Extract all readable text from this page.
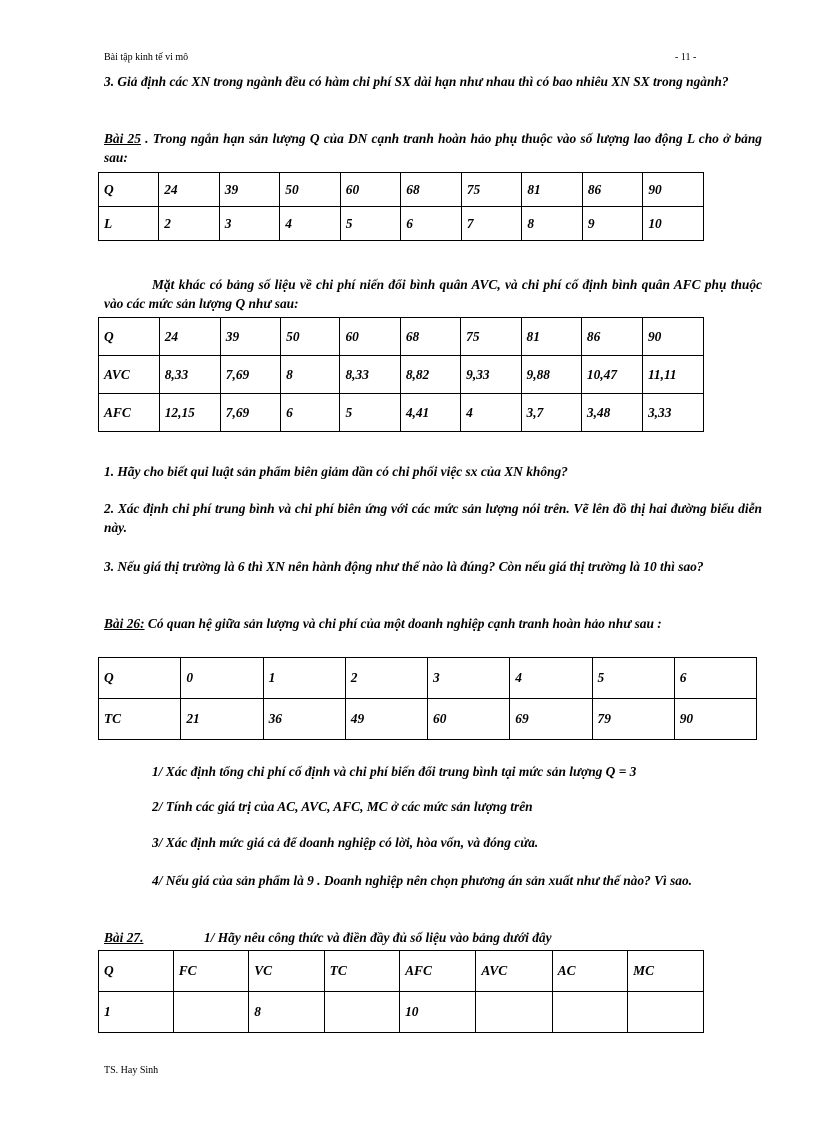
Bài tập kinh tế vi mô	- 11 -
3. Giả định các XN trong ngành đều có hàm chi phí SX dài hạn như nhau thì có bao nhiêu XN SX trong ngành?
Bài 25 . Trong ngắn hạn sản lượng Q của DN cạnh tranh hoàn hảo phụ thuộc vào số lượng lao động L cho ở bảng sau:
Q	24	39	50	60	68	75	81	86	90
L	2	3	4	5	6	7	8	9	10
Mặt khác có bảng số liệu về chi phí niến đổi bình quân AVC, và chi phí cố định bình quân AFC phụ thuộc vào các mức sản lượng Q như sau:
Q	24	39	50	60	68	75	81	86	90
AVC	8,33	7,69	8	8,33	8,82	9,33	9,88	10,47	11,11
AFC	12,15	7,69	6	5	4,41	4	3,7	3,48	3,33
1. Hãy cho biết qui luật sản phẩm biên giảm dần có chi phối việc sx của XN không?
2. Xác định chi phí trung bình và chi phí biên ứng với các mức sản lượng nói trên. Vẽ lên đồ thị hai đường biểu diễn này.
3. Nếu giá thị trường là 6 thì XN nên hành động như thế nào là đúng? Còn nếu giá thị trường là 10 thì sao?
Bài 26: Có quan hệ giữa sản lượng và chi phí của một doanh nghiệp cạnh tranh hoàn hảo như sau :
Q	0	1	2	3	4	5	6
TC	21	36	49	60	69	79	90
1/ Xác định tổng chi phí cố định và chi phí biến đổi trung bình tại mức sản lượng Q = 3
2/ Tính các giá trị của AC, AVC, AFC, MC ở các mức sản lượng trên
3/ Xác định mức giá cả để doanh nghiệp có lời, hòa vốn, và đóng cửa.
4/ Nếu giá của sản phẩm là 9 . Doanh nghiệp nên chọn phương án sản xuất như thế nào? Vì sao.
Bài 27.	1/ Hãy nêu công thức và điền đầy đủ số liệu vào bảng dưới đây
Q	FC	VC	TC	AFC	AVC	AC	MC
1		8		10			
TS. Hay Sinh
